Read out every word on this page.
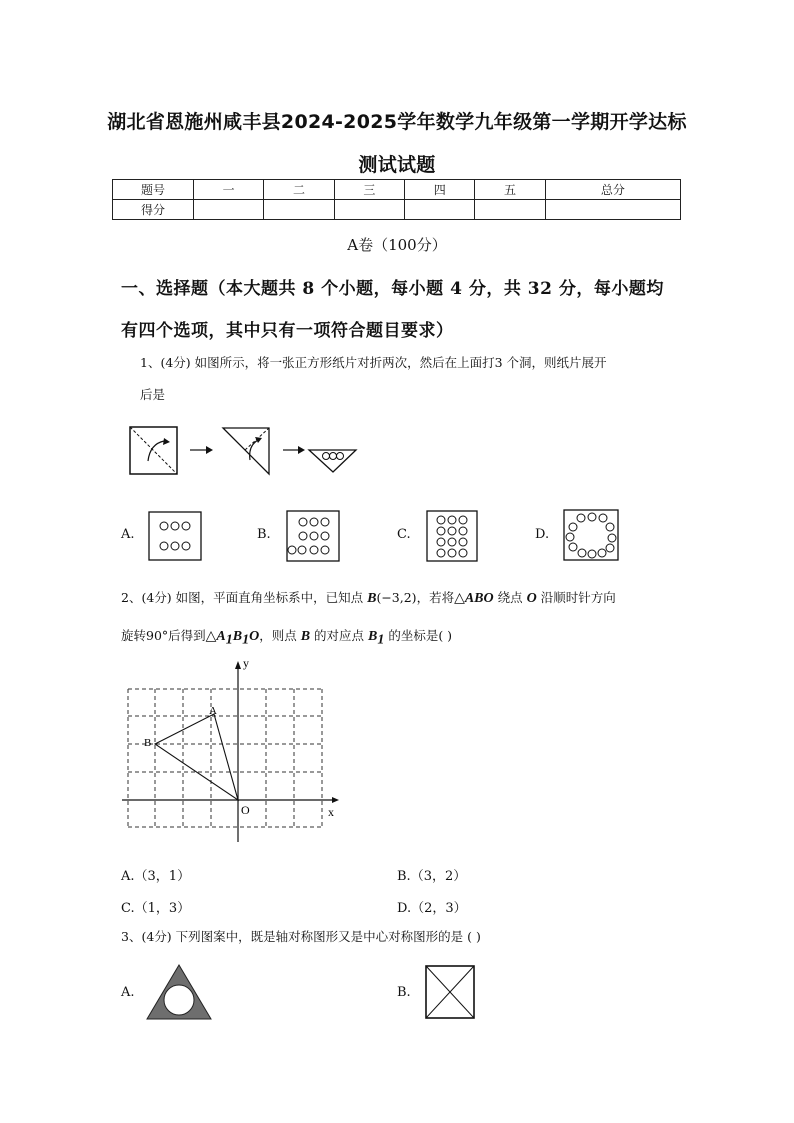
湖北省恩施州咸丰县2024-2025学年数学九年级第一学期开学达标
测试试题
题号	一	二	三	四	五	总分
得分						
A卷（100分）
一、选择题（本大题共 8 个小题，每小题 4 分，共 32 分，每小题均
有四个选项，其中只有一项符合题目要求）
1、(4分) 如图所示，将一张正方形纸片对折两次，然后在上面打3 个洞，则纸片展开
后是
A.	B.	C.	D.
2、(4分) 如图，平面直角坐标系中，已知点 B(−3,2)，若将△ABO 绕点 O 沿顺时针方向
旋转90°后得到$\triangle A_1B_1O$，则点 B 的对应点 $B_1$ 的坐标是( )
y
x
O
A
B
A.（3，1）	B.（3，2）
C.（1，3）	D.（2，3）
3、(4分) 下列图案中，既是轴对称图形又是中心对称图形的是 ( )
A.	B.
